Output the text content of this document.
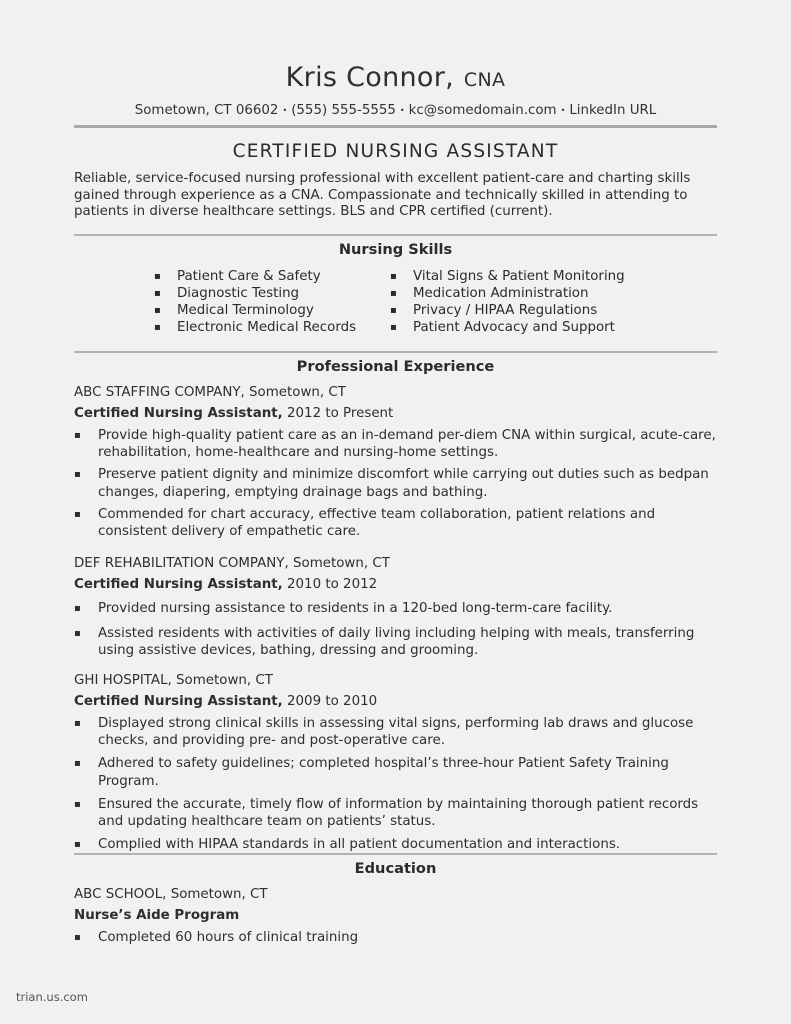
Kris Connor, CNA
Sometown, CT 06602 • (555) 555-5555 • kc@somedomain.com • LinkedIn URL
CERTIFIED NURSING ASSISTANT
Reliable, service-focused nursing professional with excellent patient-care and charting skills gained through experience as a CNA. Compassionate and technically skilled in attending to patients in diverse healthcare settings. BLS and CPR certified (current).
Nursing Skills
▪ Patient Care & Safety
▪ Diagnostic Testing
▪ Medical Terminology
▪ Electronic Medical Records
▪ Vital Signs & Patient Monitoring
▪ Medication Administration
▪ Privacy / HIPAA Regulations
▪ Patient Advocacy and Support
Professional Experience
ABC STAFFING COMPANY, Sometown, CT
Certified Nursing Assistant, 2012 to Present
▪ Provide high-quality patient care as an in-demand per-diem CNA within surgical, acute-care, rehabilitation, home-healthcare and nursing-home settings.
▪ Preserve patient dignity and minimize discomfort while carrying out duties such as bedpan changes, diapering, emptying drainage bags and bathing.
▪ Commended for chart accuracy, effective team collaboration, patient relations and consistent delivery of empathetic care.
DEF REHABILITATION COMPANY, Sometown, CT
Certified Nursing Assistant, 2010 to 2012
▪ Provided nursing assistance to residents in a 120-bed long-term-care facility.
▪ Assisted residents with activities of daily living including helping with meals, transferring using assistive devices, bathing, dressing and grooming.
GHI HOSPITAL, Sometown, CT
Certified Nursing Assistant, 2009 to 2010
▪ Displayed strong clinical skills in assessing vital signs, performing lab draws and glucose checks, and providing pre- and post-operative care.
▪ Adhered to safety guidelines; completed hospital’s three-hour Patient Safety Training Program.
▪ Ensured the accurate, timely flow of information by maintaining thorough patient records and updating healthcare team on patients’ status.
▪ Complied with HIPAA standards in all patient documentation and interactions.
Education
ABC SCHOOL, Sometown, CT
Nurse’s Aide Program
▪ Completed 60 hours of clinical training
trian.us.com
